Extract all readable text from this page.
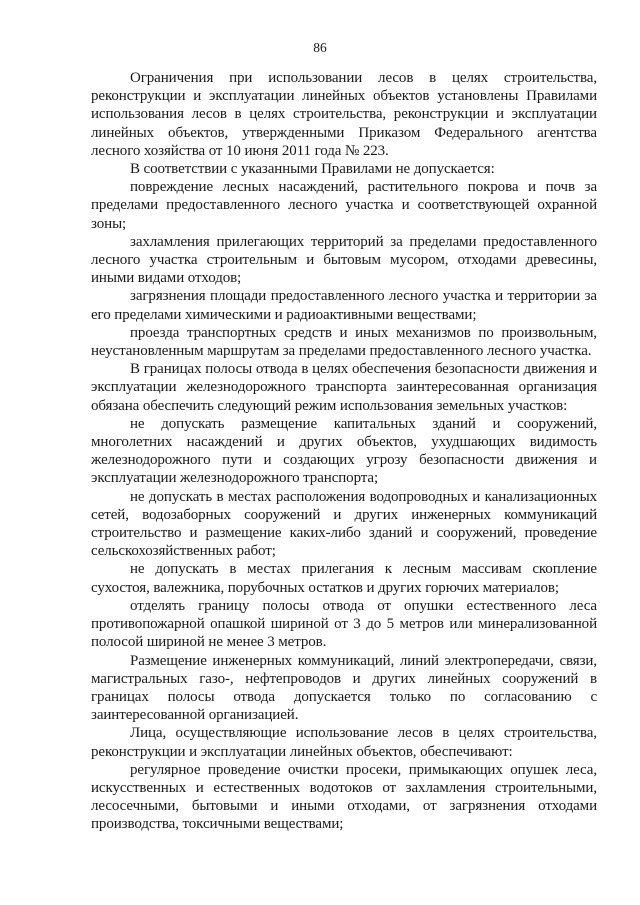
86

Ограничения при использовании лесов в целях строительства, реконструкции и эксплуатации линейных объектов установлены Правилами использования лесов в целях строительства, реконструкции и эксплуатации линейных объектов, утвержденными Приказом Федерального агентства лесного хозяйства от 10 июня 2011 года № 223.

В соответствии с указанными Правилами не допускается:

повреждение лесных насаждений, растительного покрова и почв за пределами предоставленного лесного участка и соответствующей охранной зоны;

захламления прилегающих территорий за пределами предоставленного лесного участка строительным и бытовым мусором, отходами древесины, иными видами отходов;

загрязнения площади предоставленного лесного участка и территории за его пределами химическими и радиоактивными веществами;

проезда транспортных средств и иных механизмов по произвольным, неустановленным маршрутам за пределами предоставленного лесного участка.

В границах полосы отвода в целях обеспечения безопасности движения и эксплуатации железнодорожного транспорта заинтересованная организация обязана обеспечить следующий режим использования земельных участков:

не допускать размещение капитальных зданий и сооружений, многолетних насаждений и других объектов, ухудшающих видимость железнодорожного пути и создающих угрозу безопасности движения и эксплуатации железнодорожного транспорта;

не допускать в местах расположения водопроводных и канализационных сетей, водозаборных сооружений и других инженерных коммуникаций строительство и размещение каких-либо зданий и сооружений, проведение сельскохозяйственных работ;

не допускать в местах прилегания к лесным массивам скопление сухостоя, валежника, порубочных остатков и других горючих материалов;

отделять границу полосы отвода от опушки естественного леса противопожарной опашкой шириной от 3 до 5 метров или минерализованной полосой шириной не менее 3 метров.

Размещение инженерных коммуникаций, линий электропередачи, связи, магистральных газо-, нефтепроводов и других линейных сооружений в границах полосы отвода допускается только по согласованию с заинтересованной организацией.

Лица, осуществляющие использование лесов в целях строительства, реконструкции и эксплуатации линейных объектов, обеспечивают:

регулярное проведение очистки просеки, примыкающих опушек леса, искусственных и естественных водотоков от захламления строительными, лесосечными, бытовыми и иными отходами, от загрязнения отходами производства, токсичными веществами;
